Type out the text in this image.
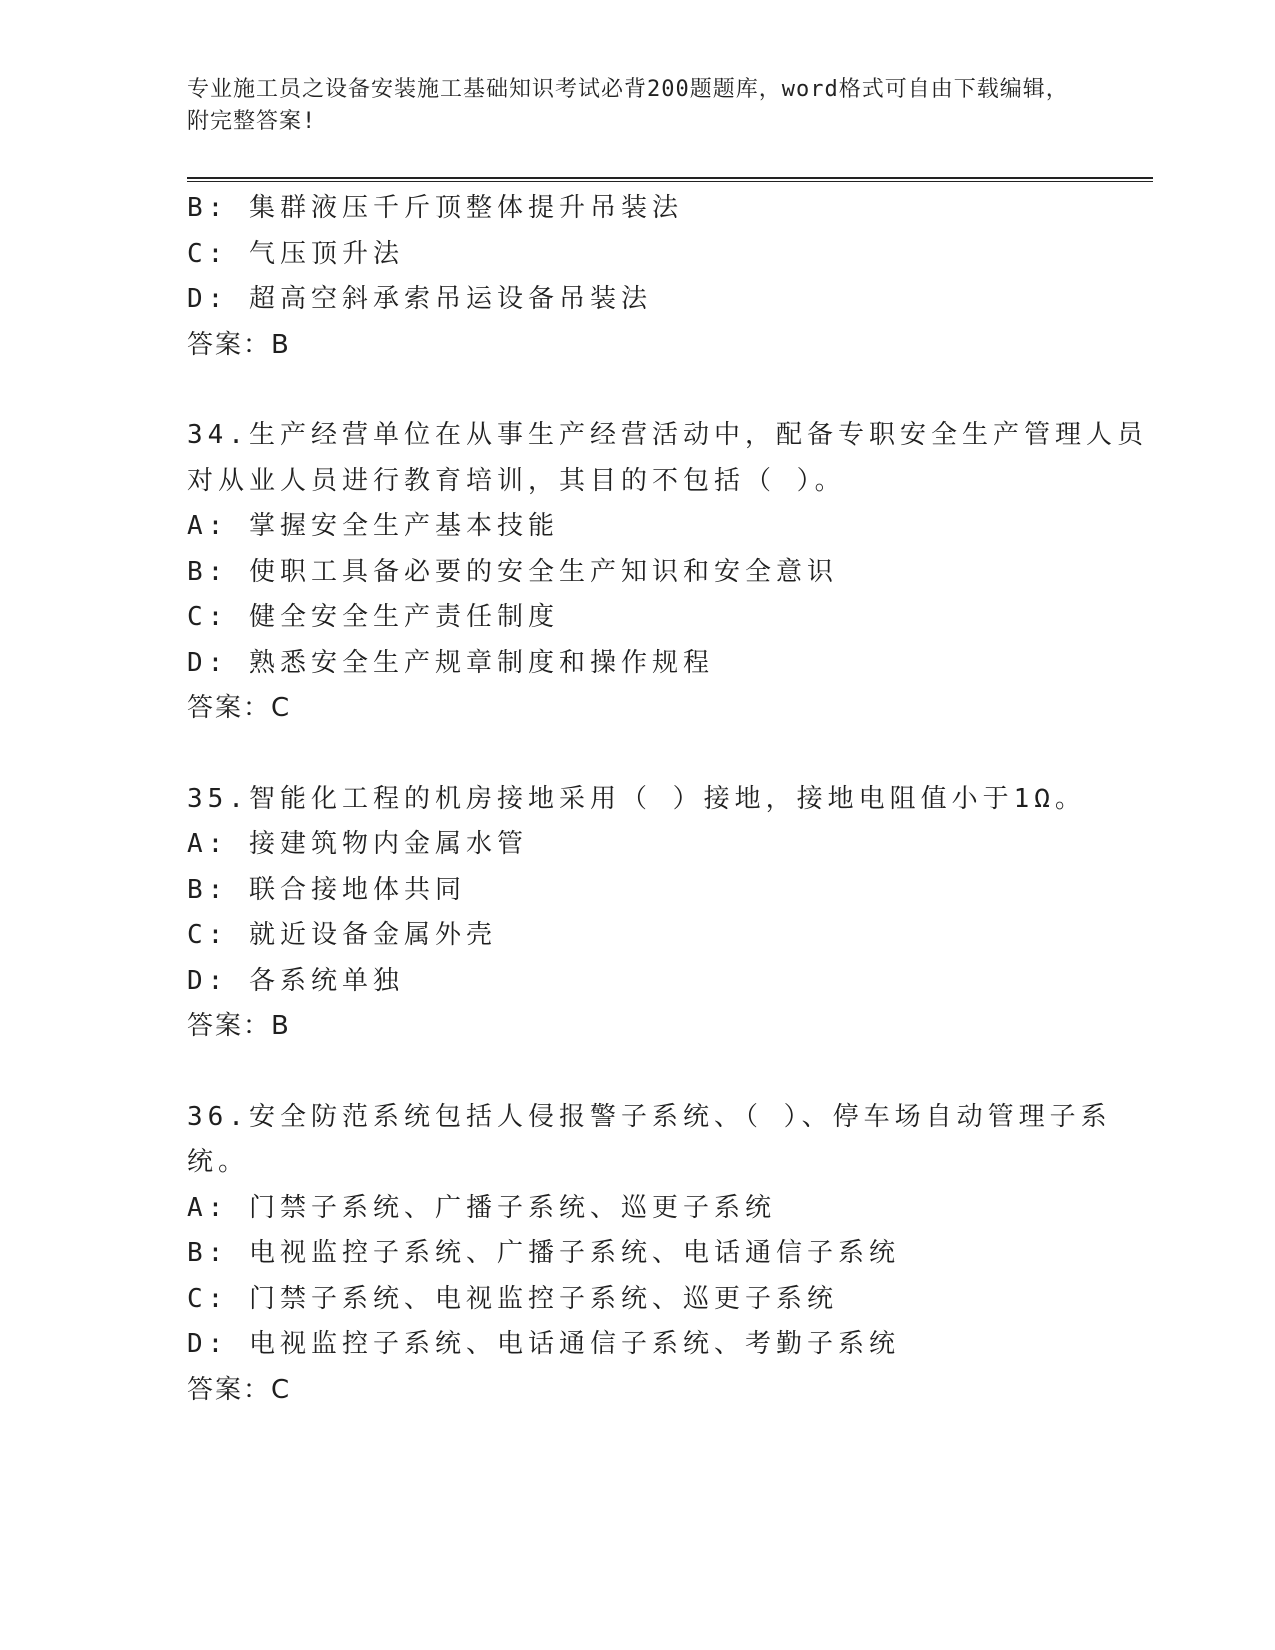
专业施工员之设备安装施工基础知识考试必背200题题库，word格式可自由下载编辑，附完整答案!
B: 集群液压千斤顶整体提升吊装法
C: 气压顶升法
D: 超高空斜承索吊运设备吊装法
答案：B
34.生产经营单位在从事生产经营活动中，配备专职安全生产管理人员
对从业人员进行教育培训，其目的不包括（ ）。
A: 掌握安全生产基本技能
B: 使职工具备必要的安全生产知识和安全意识
C: 健全安全生产责任制度
D: 熟悉安全生产规章制度和操作规程
答案：C
35.智能化工程的机房接地采用（ ）接地，接地电阻值小于1Ω。
A: 接建筑物内金属水管
B: 联合接地体共同
C: 就近设备金属外壳
D: 各系统单独
答案：B
36.安全防范系统包括人侵报警子系统、（ ）、停车场自动管理子系
统。
A: 门禁子系统、广播子系统、巡更子系统
B: 电视监控子系统、广播子系统、电话通信子系统
C: 门禁子系统、电视监控子系统、巡更子系统
D: 电视监控子系统、电话通信子系统、考勤子系统
答案：C
